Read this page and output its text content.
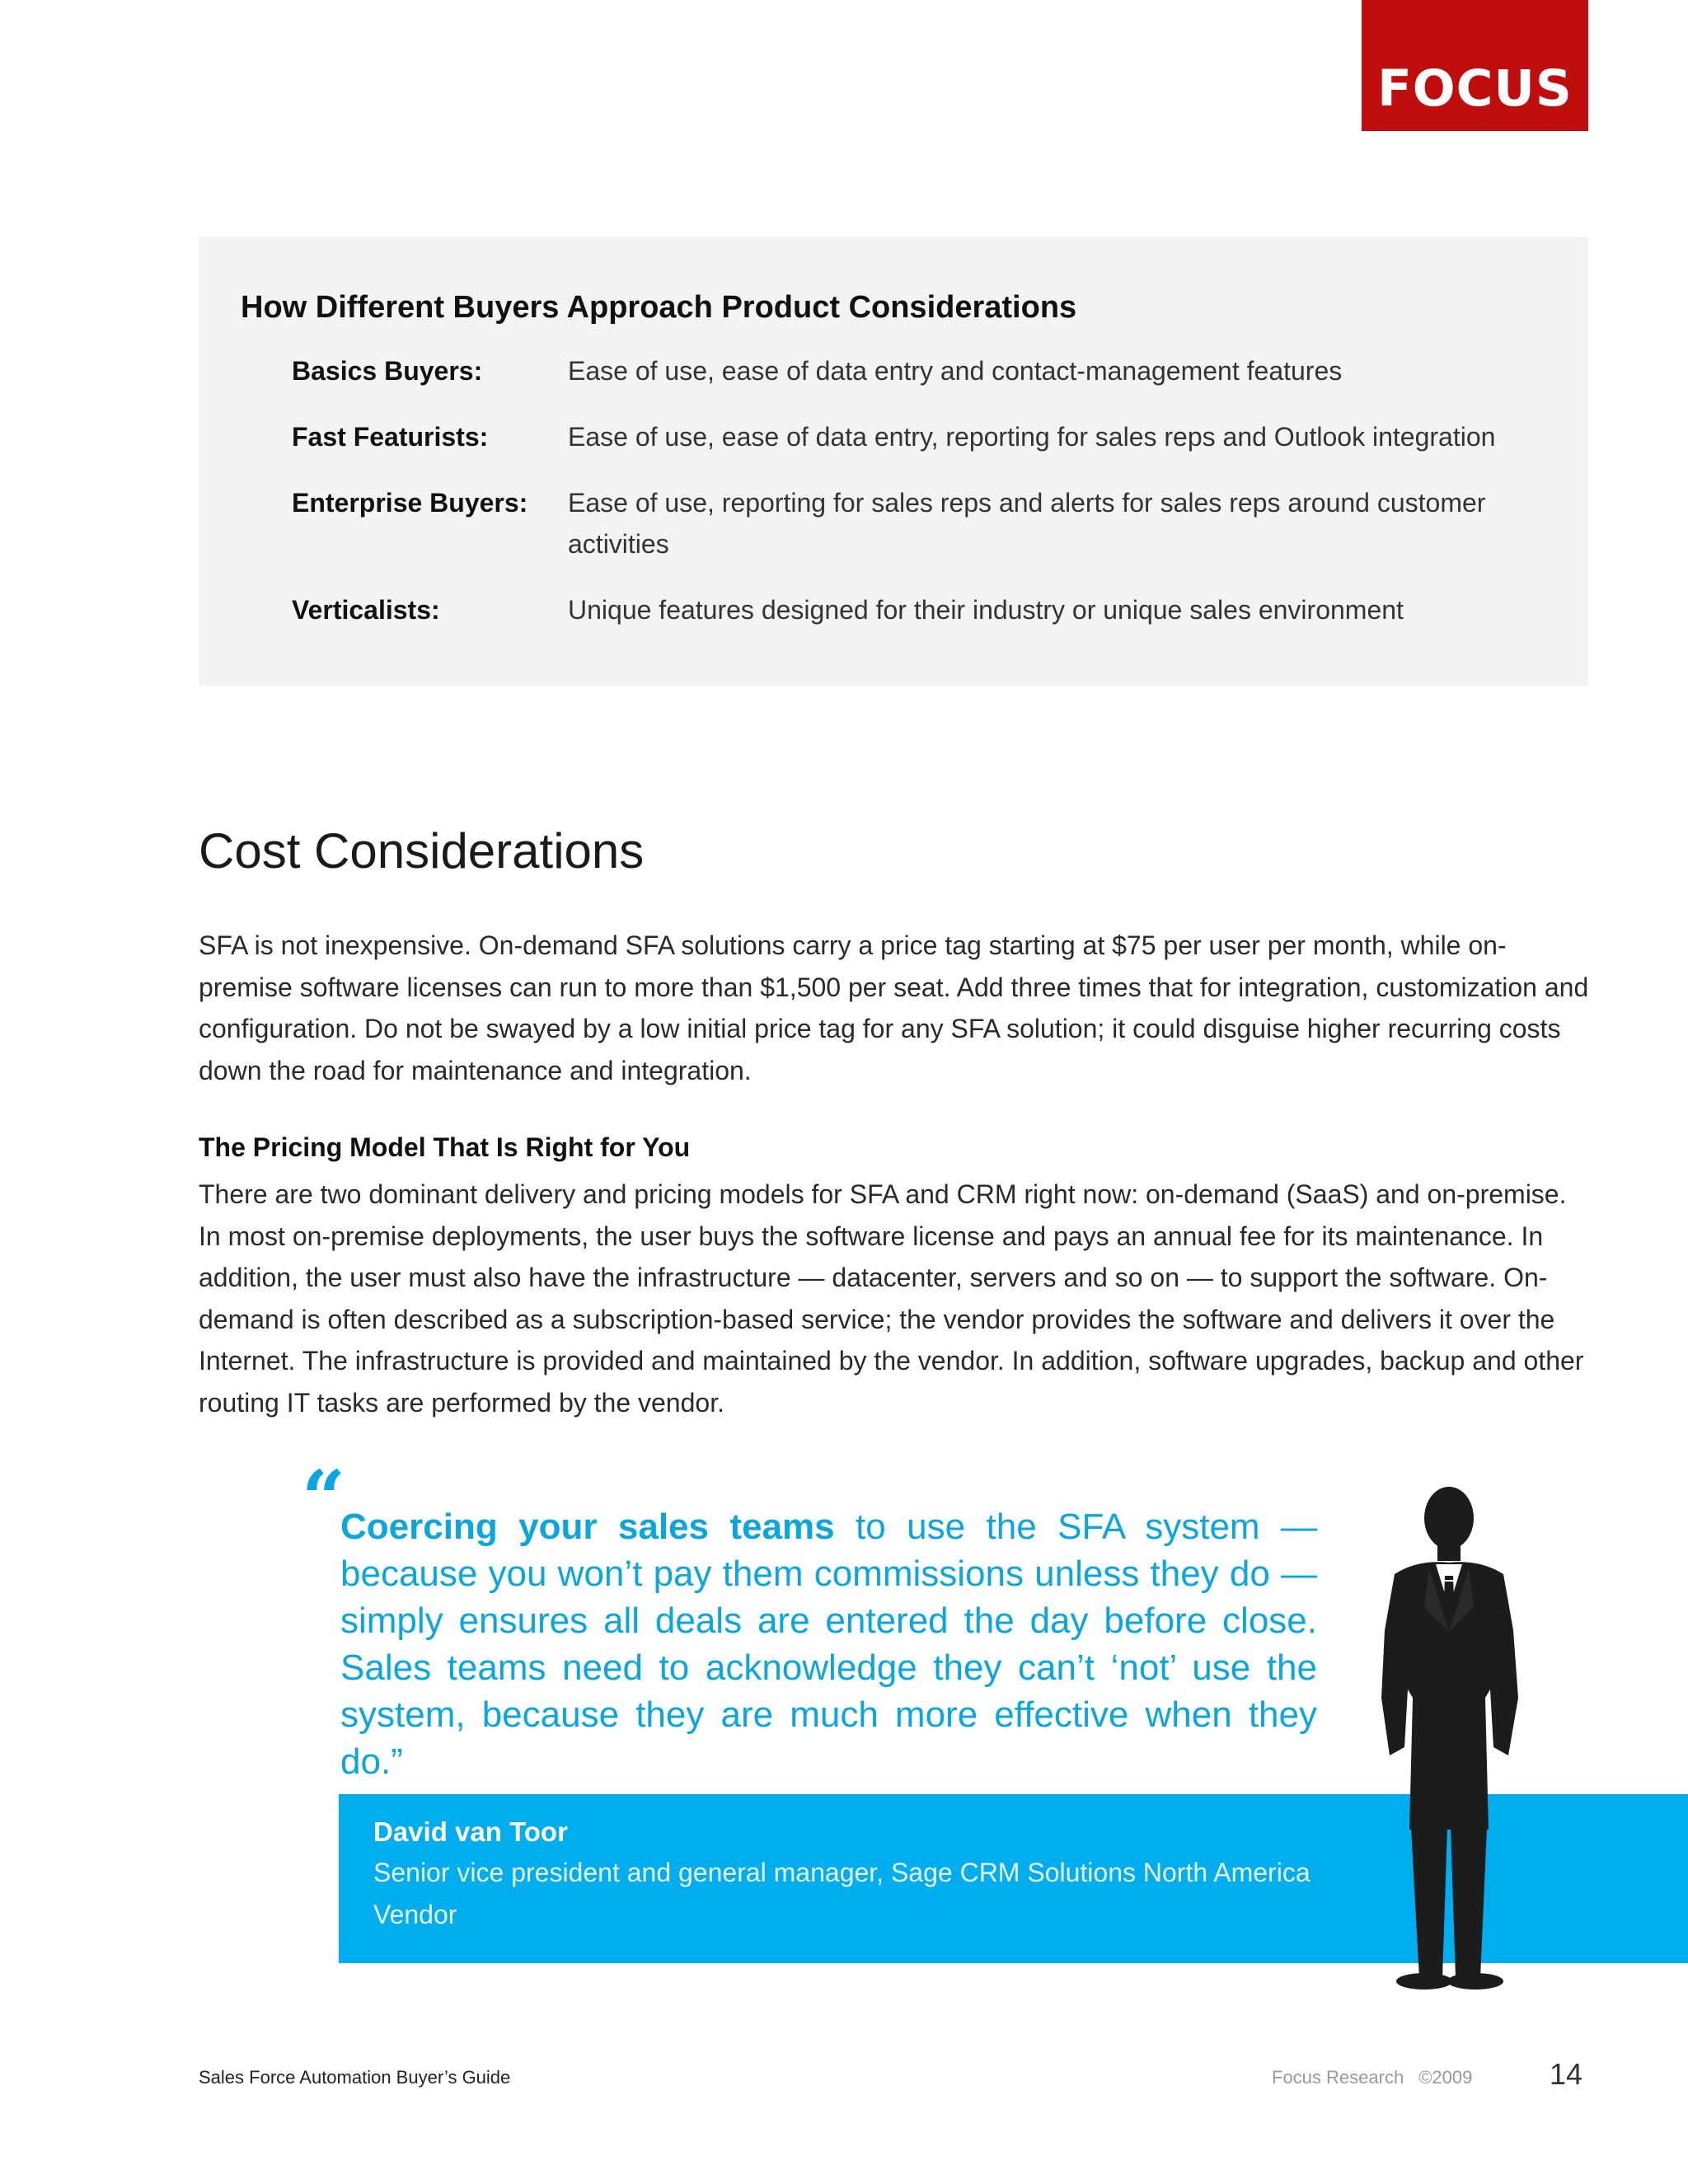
FOCUS
How Different Buyers Approach Product Considerations
Basics Buyers:	Ease of use, ease of data entry and contact-management features
Fast Featurists:	Ease of use, ease of data entry, reporting for sales reps and Outlook integration
Enterprise Buyers: Ease of use, reporting for sales reps and alerts for sales reps around customer activities
Verticalists:	Unique features designed for their industry or unique sales environment
Cost Considerations

SFA is not inexpensive. On-demand SFA solutions carry a price tag starting at $75 per user per month, while on-premise software licenses can run to more than $1,500 per seat. Add three times that for integration, customization and configuration. Do not be swayed by a low initial price tag for any SFA solution; it could disguise higher recurring costs down the road for maintenance and integration.

The Pricing Model That Is Right for You

There are two dominant delivery and pricing models for SFA and CRM right now: on-demand (SaaS) and on-premise. In most on-premise deployments, the user buys the software license and pays an annual fee for its maintenance. In addition, the user must also have the infrastructure — datacenter, servers and so on — to support the software. On-demand is often described as a subscription-based service; the vendor provides the software and delivers it over the Internet. The infrastructure is provided and maintained by the vendor. In addition, software upgrades, backup and other routing IT tasks are performed by the vendor.

“

Coercing your sales teams to use the SFA system — because you won’t pay them commissions unless they do — simply ensures all deals are entered the day before close. Sales teams need to acknowledge they can’t ‘not’ use the system, because they are much more effective when they do.”

David van Toor

Senior vice president and general manager, Sage CRM Solutions North America

Vendor

Sales Force Automation Buyer’s Guide	Focus Research ©2009	14
